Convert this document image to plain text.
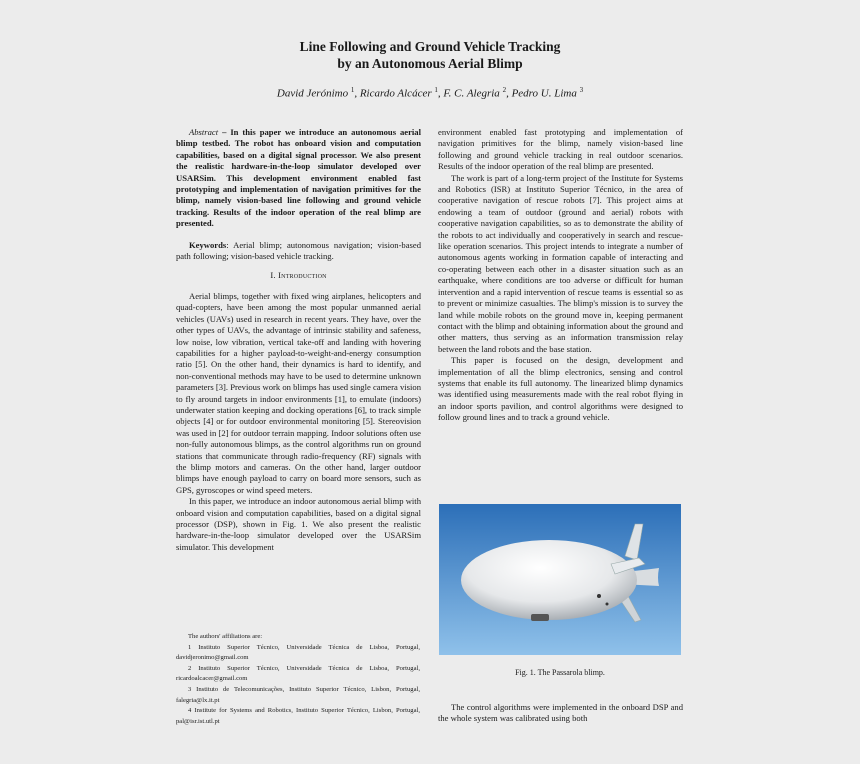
Line Following and Ground Vehicle Tracking
by an Autonomous Aerial Blimp
David Jerónimo $^1$, Ricardo Alcácer $^1$, F. C. Alegria $^2$, Pedro U. Lima $^3$

Abstract – In this paper we introduce an autonomous aerial blimp testbed. The robot has onboard vision and computation capabilities, based on a digital signal processor. We also present the realistic hardware-in-the-loop simulator developed over USARSim. This development environment enabled fast prototyping and implementation of navigation primitives for the blimp, namely vision-based line following and ground vehicle tracking. Results of the indoor operation of the real blimp are presented.

Keywords: Aerial blimp; autonomous navigation; vision-based path following; vision-based vehicle tracking.

I. Introduction

Aerial blimps, together with fixed wing airplanes, helicopters and quad-copters, have been among the most popular unmanned aerial vehicles (UAVs) used in research in recent years. They have, over the other types of UAVs, the advantage of intrinsic stability and safeness, low noise, low vibration, vertical take-off and landing with hovering capabilities for a higher payload-to-weight-and-energy consumption ratio [5]. On the other hand, their dynamics is hard to identify, and non-conventional methods may have to be used to determine unknown parameters [3]. Previous work on blimps has used single camera vision to fly around targets in indoor environments [1], to emulate (indoors) underwater station keeping and docking operations [6], to track simple objects [4] or for outdoor environmental monitoring [5]. Stereovision was used in [2] for outdoor terrain mapping. Indoor solutions often use non-fully autonomous blimps, as the control algorithms run on ground stations that communicate through radio-frequency (RF) signals with the blimp motors and cameras. On the other hand, larger outdoor blimps have enough payload to carry on board more sensors, such as GPS, gyroscopes or wind speed meters.

In this paper, we introduce an indoor autonomous aerial blimp with onboard vision and computation capabilities, based on a digital signal processor (DSP), shown in Fig. 1. We also present the realistic hardware-in-the-loop simulator developed over the USARSim simulator. This development

The authors' affiliations are:
1 Instituto Superior Técnico, Universidade Técnica de Lisboa, Portugal, davidjeronimo@gmail.com
2 Instituto Superior Técnico, Universidade Técnica de Lisboa, Portugal, ricardoalcacer@gmail.com
3 Instituto de Telecomunicações, Instituto Superior Técnico, Lisbon, Portugal, falegria@lx.it.pt
4 Institute for Systems and Robotics, Instituto Superior Técnico, Lisbon, Portugal, pal@isr.ist.utl.pt

environment enabled fast prototyping and implementation of navigation primitives for the blimp, namely vision-based line following and ground vehicle tracking in real outdoor scenarios. Results of the indoor operation of the real blimp are presented.

The work is part of a long-term project of the Institute for Systems and Robotics (ISR) at Instituto Superior Técnico, in the area of cooperative navigation of rescue robots [7]. This project aims at endowing a team of outdoor (ground and aerial) robots with cooperative navigation capabilities, so as to demonstrate the ability of the robots to act individually and cooperatively in search and rescue-like operation scenarios. This project intends to integrate a number of autonomous agents working in formation capable of interacting and co-operating between each other in a disaster situation such as an earthquake, where conditions are too adverse or difficult for human intervention and a rapid intervention of rescue teams is essential so as to prevent or minimize casualties. The blimp's mission is to survey the land while mobile robots on the ground move in, keeping permanent contact with the blimp and obtaining information about the ground and other matters, thus serving as an information transmission relay between the land robots and the base station.

This paper is focused on the design, development and implementation of all the blimp electronics, sensing and control systems that enable its full autonomy. The linearized blimp dynamics was identified using measurements made with the real robot flying in an indoor sports pavilion, and control algorithms were designed to follow ground lines and to track a ground vehicle.

Fig. 1. The Passarola blimp.

The control algorithms were implemented in the onboard DSP and the whole system was calibrated using both
